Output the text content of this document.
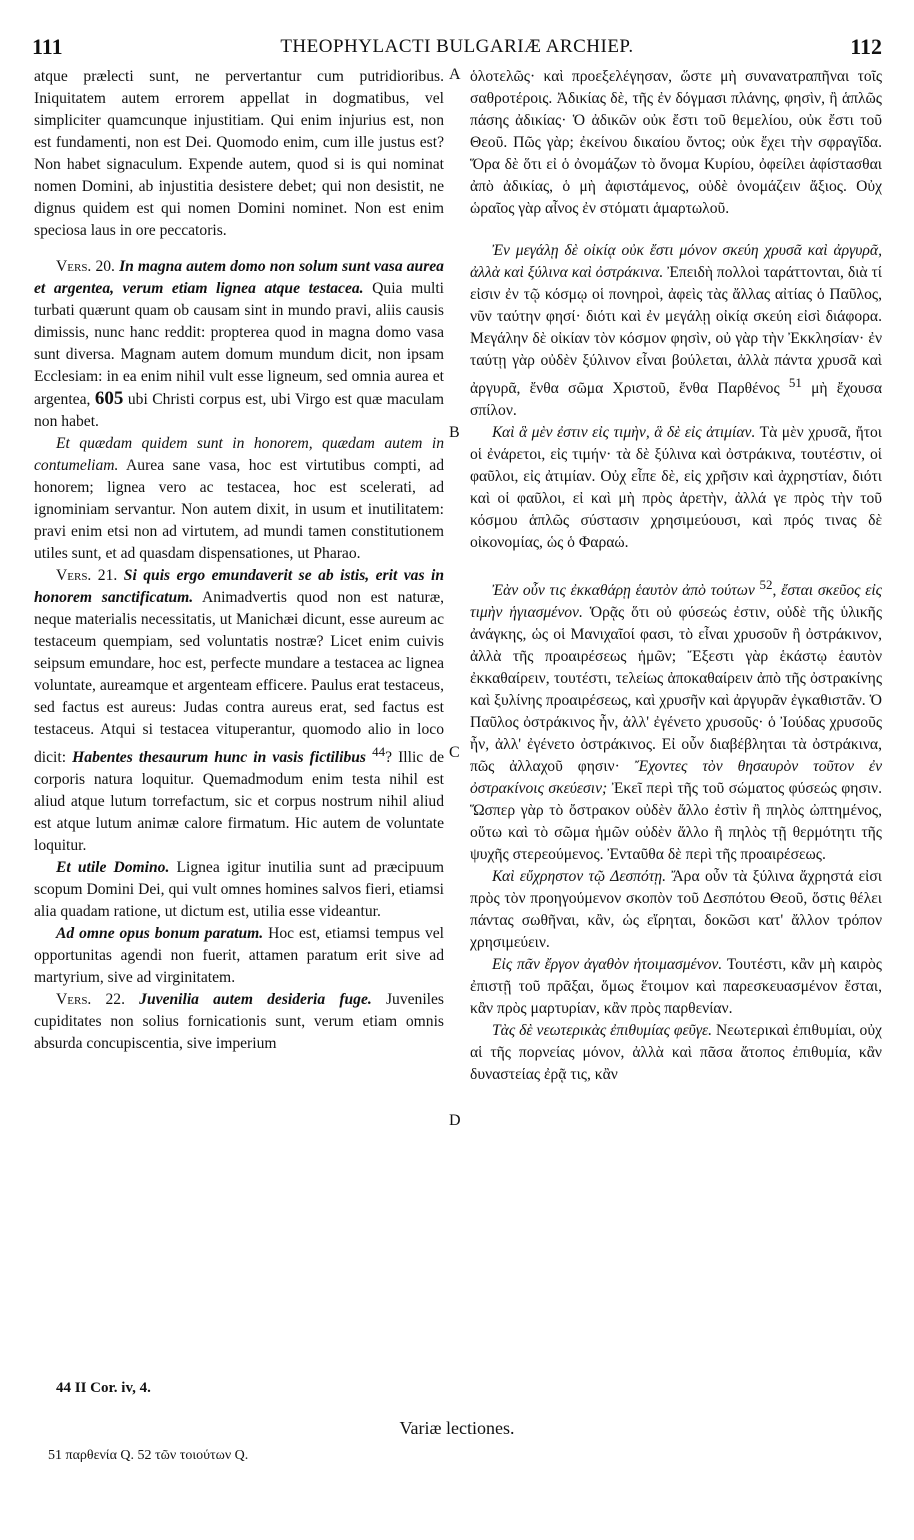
111	THEOPHYLACTI BULGARIÆ ARCHIEP.	112
A
B
C
D

atque prælecti sunt, ne pervertantur cum putridioribus. Iniquitatem autem errorem appellat in dogmatibus, vel simpliciter quamcunque injustitiam. Qui enim injurius est, non est fundamenti, non est Dei. Quomodo enim, cum ille justus est? Non habet signaculum. Expende autem, quod si is qui nominat nomen Domini, ab injustitia desistere debet; qui non desistit, ne dignus quidem est qui nomen Domini nominet. Non est enim speciosa laus in ore peccatoris.

Vers. 20. In magna autem domo non solum sunt vasa aurea et argentea, verum etiam lignea atque testacea. Quia multi turbati quærunt quam ob causam sint in mundo pravi, aliis causis dimissis, nunc hanc reddit: propterea quod in magna domo vasa sunt diversa. Magnam autem domum mundum dicit, non ipsam Ecclesiam: in ea enim nihil vult esse ligneum, sed omnia aurea et argentea, 605 ubi Christi corpus est, ubi Virgo est quæ maculam non habet.

Et quædam quidem sunt in honorem, quædam autem in contumeliam. Aurea sane vasa, hoc est virtutibus compti, ad honorem; lignea vero ac testacea, hoc est scelerati, ad ignominiam servantur. Non autem dixit, in usum et inutilitatem: pravi enim etsi non ad virtutem, ad mundi tamen constitutionem utiles sunt, et ad quasdam dispensationes, ut Pharao.

Vers. 21. Si quis ergo emundaverit se ab istis, erit vas in honorem sanctificatum. Animadvertis quod non est naturæ, neque materialis necessitatis, ut Manichæi dicunt, esse aureum ac testaceum quempiam, sed voluntatis nostræ? Licet enim cuivis seipsum emundare, hoc est, perfecte mundare a testacea ac lignea voluntate, aureamque et argenteam efficere. Paulus erat testaceus, sed factus est aureus: Judas contra aureus erat, sed factus est testaceus. Atqui si testacea vituperantur, quomodo alio in loco dicit: Habentes thesaurum hunc in vasis fictilibus $^{44}$? Illic de corporis natura loquitur. Quemadmodum enim testa nihil est aliud atque lutum torrefactum, sic et corpus nostrum nihil aliud est atque lutum animæ calore firmatum. Hic autem de voluntate loquitur.

Et utile Domino. Lignea igitur inutilia sunt ad præcipuum scopum Domini Dei, qui vult omnes homines salvos fieri, etiamsi alia quadam ratione, ut dictum est, utilia esse videantur.

Ad omne opus bonum paratum. Hoc est, etiamsi tempus vel opportunitas agendi non fuerit, attamen paratum erit sive ad martyrium, sive ad virginitatem.

Vers. 22. Juvenilia autem desideria fuge. Juveniles cupiditates non solius fornicationis sunt, verum etiam omnis absurda concupiscentia, sive imperium

ὁλοτελῶς· καὶ προεξελέγησαν, ὥστε μὴ συνανατραπῆναι τοῖς σαθροτέροις. Ἀδικίας δὲ, τῆς ἐν δόγμασι πλάνης, φησὶν, ἢ ἁπλῶς πάσης ἀδικίας· Ὁ ἀδικῶν οὐκ ἔστι τοῦ θεμελίου, οὐκ ἔστι τοῦ Θεοῦ. Πῶς γὰρ; ἐκείνου δικαίου ὄντος; οὐκ ἔχει τὴν σφραγῖδα. Ὅρα δὲ ὅτι εἰ ὁ ὀνομάζων τὸ ὄνομα Κυρίου, ὀφείλει ἀφίστασθαι ἀπὸ ἀδικίας, ὁ μὴ ἀφιστάμενος, οὐδὲ ὀνομάζειν ἄξιος. Οὐχ ὡραῖος γὰρ αἶνος ἐν στόματι ἁμαρτωλοῦ.

Ἐν μεγάλῃ δὲ οἰκίᾳ οὐκ ἔστι μόνον σκεύη χρυσᾶ καὶ ἀργυρᾶ, ἀλλὰ καὶ ξύλινα καὶ ὀστράκινα. Ἐπειδὴ πολλοὶ ταράττονται, διὰ τί εἰσιν ἐν τῷ κόσμῳ οἱ πονηροὶ, ἀφεὶς τὰς ἄλλας αἰτίας ὁ Παῦλος, νῦν ταύτην φησί· διότι καὶ ἐν μεγάλῃ οἰκίᾳ σκεύη εἰσὶ διάφορα. Μεγάλην δὲ οἰκίαν τὸν κόσμον φησὶν, οὐ γὰρ τὴν Ἐκκλησίαν· ἐν ταύτῃ γὰρ οὐδὲν ξύλινον εἶναι βούλεται, ἀλλὰ πάντα χρυσᾶ καὶ ἀργυρᾶ, ἔνθα σῶμα Χριστοῦ, ἔνθα Παρθένος $^{51}$ μὴ ἔχουσα σπίλον.

Καὶ ἃ μὲν ἐστιν εἰς τιμὴν, ἃ δὲ εἰς ἀτιμίαν. Τὰ μὲν χρυσᾶ, ἤτοι οἱ ἐνάρετοι, εἰς τιμήν· τὰ δὲ ξύλινα καὶ ὀστράκινα, τουτέστιν, οἱ φαῦλοι, εἰς ἀτιμίαν. Οὐχ εἶπε δὲ, εἰς χρῆσιν καὶ ἀχρηστίαν, διότι καὶ οἱ φαῦλοι, εἰ καὶ μὴ πρὸς ἀρετὴν, ἀλλά γε πρὸς τὴν τοῦ κόσμου ἁπλῶς σύστασιν χρησιμεύουσι, καὶ πρός τινας δὲ οἰκονομίας, ὡς ὁ Φαραώ.

Ἐὰν οὖν τις ἐκκαθάρῃ ἑαυτὸν ἀπὸ τούτων $^{52}$, ἔσται σκεῦος εἰς τιμὴν ἡγιασμένον. Ὁρᾷς ὅτι οὐ φύσεώς ἐστιν, οὐδὲ τῆς ὑλικῆς ἀνάγκης, ὡς οἱ Μανιχαῖοί φασι, τὸ εἶναι χρυσοῦν ἢ ὀστράκινον, ἀλλὰ τῆς προαιρέσεως ἡμῶν; Ἔξεστι γὰρ ἑκάστῳ ἑαυτὸν ἐκκαθαίρειν, τουτέστι, τελείως ἀποκαθαίρειν ἀπὸ τῆς ὀστρακίνης καὶ ξυλίνης προαιρέσεως, καὶ χρυσῆν καὶ ἀργυρᾶν ἐγκαθιστᾶν. Ὁ Παῦλος ὀστράκινος ἦν, ἀλλ' ἐγένετο χρυσοῦς· ὁ Ἰούδας χρυσοῦς ἦν, ἀλλ' ἐγένετο ὀστράκινος. Εἰ οὖν διαβέβληται τὰ ὀστράκινα, πῶς ἀλλαχοῦ φησιν· Ἔχοντες τὸν θησαυρὸν τοῦτον ἐν ὀστρακίνοις σκεύεσιν; Ἐκεῖ περὶ τῆς τοῦ σώματος φύσεώς φησιν. Ὥσπερ γὰρ τὸ ὄστρακον οὐδὲν ἄλλο ἐστὶν ἢ πηλὸς ὠπτημένος, οὕτω καὶ τὸ σῶμα ἡμῶν οὐδὲν ἄλλο ἢ πηλὸς τῇ θερμότητι τῆς ψυχῆς στερεούμενος. Ἐνταῦθα δὲ περὶ τῆς προαιρέσεως.

Καὶ εὔχρηστον τῷ Δεσπότῃ. Ἄρα οὖν τὰ ξύλινα ἄχρηστά εἰσι πρὸς τὸν προηγούμενον σκοπὸν τοῦ Δεσπότου Θεοῦ, ὅστις θέλει πάντας σωθῆναι, κἂν, ὡς εἴρηται, δοκῶσι κατ' ἄλλον τρόπον χρησιμεύειν.

Εἰς πᾶν ἔργον ἀγαθὸν ἡτοιμασμένον. Τουτέστι, κἂν μὴ καιρὸς ἐπιστῇ τοῦ πρᾶξαι, ὅμως ἕτοιμον καὶ παρεσκευασμένον ἔσται, κἂν πρὸς μαρτυρίαν, κἂν πρὸς παρθενίαν.

Τὰς δὲ νεωτερικὰς ἐπιθυμίας φεῦγε. Νεωτερικαὶ ἐπιθυμίαι, οὐχ αἱ τῆς πορνείας μόνον, ἀλλὰ καὶ πᾶσα ἄτοπος ἐπιθυμία, κἂν δυναστείας ἐρᾷ τις, κἂν

44 II Cor. iv, 4.
Variæ lectiones.
51 παρθενία Q. 52 τῶν τοιούτων Q.
